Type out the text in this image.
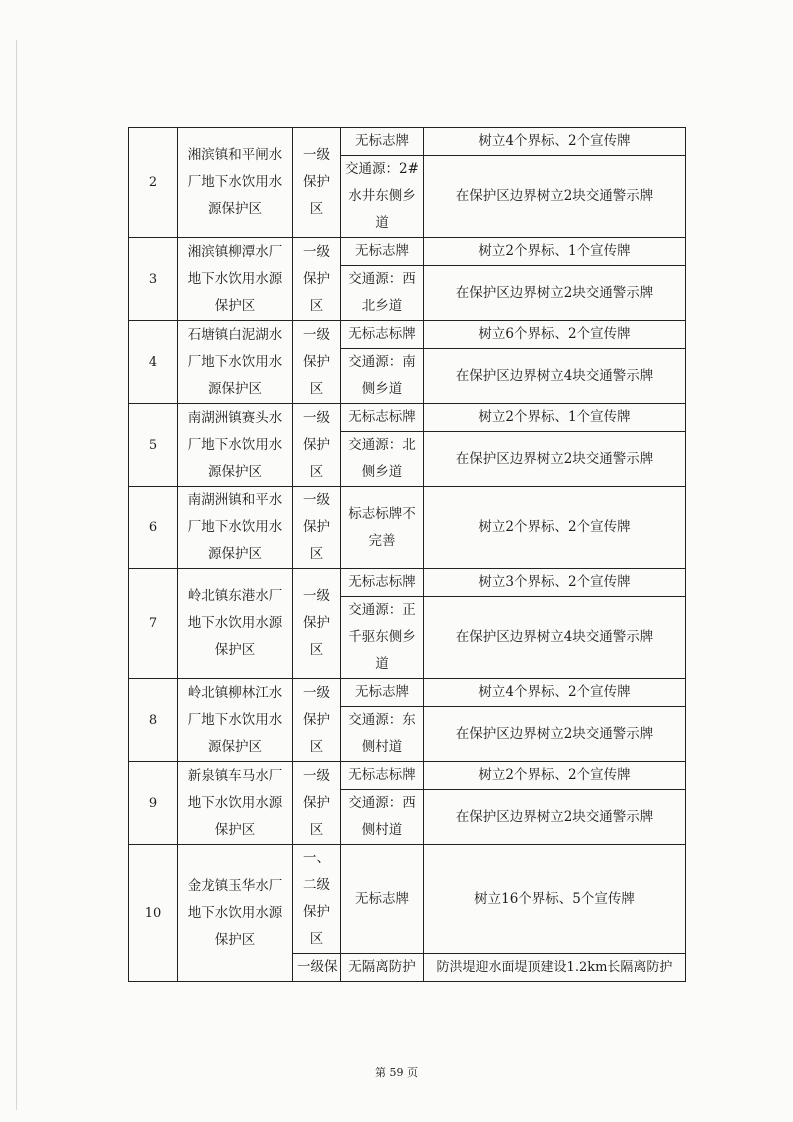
2	湘滨镇和平闸水厂地下水饮用水源保护区	一级保护区	无标志牌	树立4个界标、2个宣传牌
			交通源：2#水井东侧乡道	在保护区边界树立2块交通警示牌
3	湘滨镇柳潭水厂地下水饮用水源保护区	一级保护区	无标志牌	树立2个界标、1个宣传牌
			交通源：西北乡道	在保护区边界树立2块交通警示牌
4	石塘镇白泥湖水厂地下水饮用水源保护区	一级保护区	无标志标牌	树立6个界标、2个宣传牌
			交通源：南侧乡道	在保护区边界树立4块交通警示牌
5	南湖洲镇赛头水厂地下水饮用水源保护区	一级保护区	无标志标牌	树立2个界标、1个宣传牌
			交通源：北侧乡道	在保护区边界树立2块交通警示牌
6	南湖洲镇和平水厂地下水饮用水源保护区	一级保护区	标志标牌不完善	树立2个界标、2个宣传牌
7	岭北镇东港水厂地下水饮用水源保护区	一级保护区	无标志标牌	树立3个界标、2个宣传牌
			交通源：正千驱东侧乡道	在保护区边界树立4块交通警示牌
8	岭北镇柳林江水厂地下水饮用水源保护区	一级保护区	无标志牌	树立4个界标、2个宣传牌
			交通源：东侧村道	在保护区边界树立2块交通警示牌
9	新泉镇车马水厂地下水饮用水源保护区	一级保护区	无标志标牌	树立2个界标、2个宣传牌
			交通源：西侧村道	在保护区边界树立2块交通警示牌
10	金龙镇玉华水厂地下水饮用水源保护区	一、二级保护区	无标志牌	树立16个界标、5个宣传牌
		一级保	无隔离防护	防洪堤迎水面堤顶建设1.2km长隔离防护
第 59 页
